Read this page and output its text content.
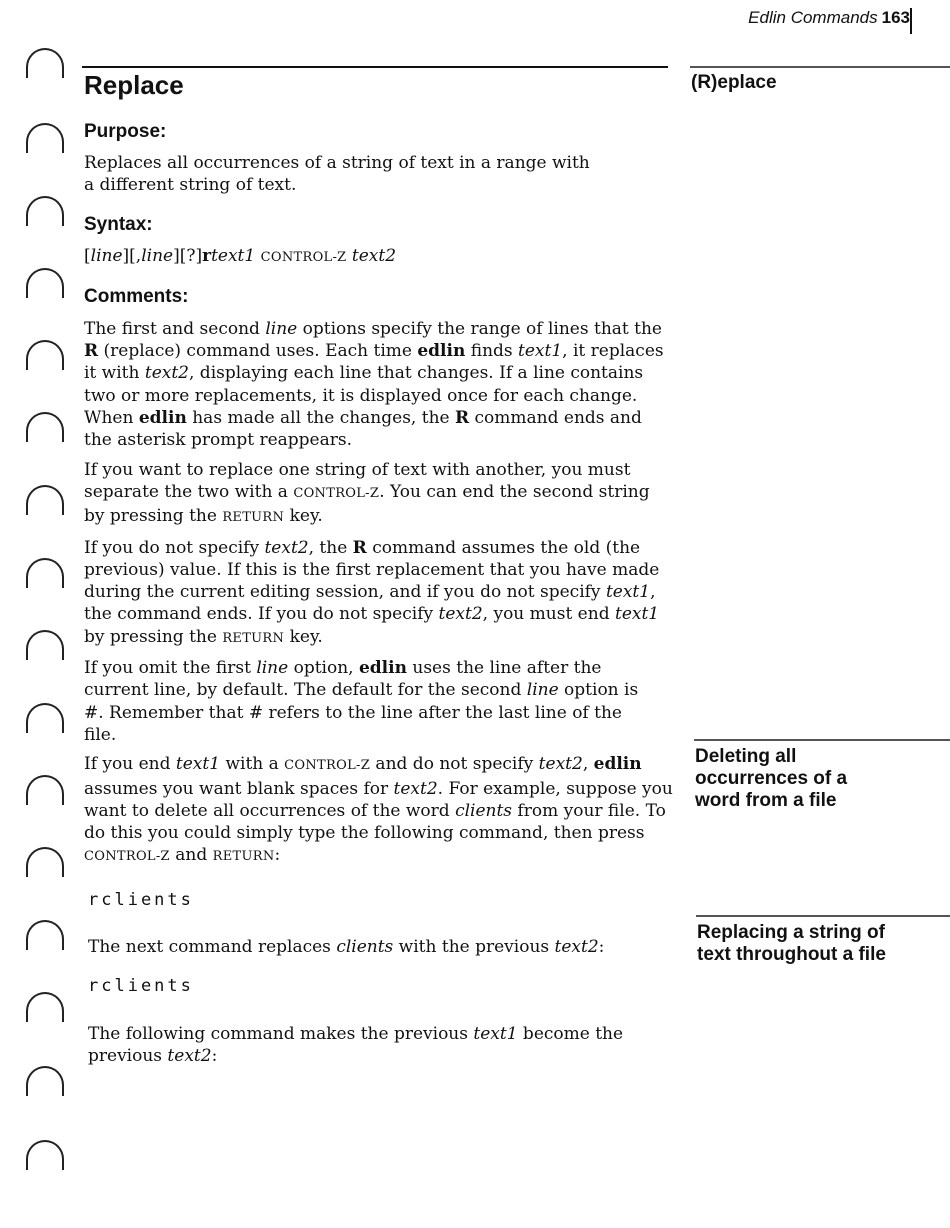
Edlin Commands 163
(R)eplace
Deleting all occurrences of a word from a file
Replacing a string of text throughout a file
Replace
Purpose:

Replaces all occurrences of a string of text in a range with a different string of text.

Syntax:

[line][,line][?]rtext1 CONTROL-Z text2

Comments:

The first and second line options specify the range of lines that the R (replace) command uses. Each time edlin finds text1, it replaces it with text2, displaying each line that changes. If a line contains two or more replacements, it is displayed once for each change. When edlin has made all the changes, the R command ends and the asterisk prompt reappears.

If you want to replace one string of text with another, you must separate the two with a CONTROL-Z. You can end the second string by pressing the RETURN key.

If you do not specify text2, the R command assumes the old (the previous) value. If this is the first replacement that you have made during the current editing session, and if you do not specify text1, the command ends. If you do not specify text2, you must end text1 by pressing the RETURN key.

If you omit the first line option, edlin uses the line after the current line, by default. The default for the second line option is #. Remember that # refers to the line after the last line of the file.

If you end text1 with a CONTROL-Z and do not specify text2, edlin assumes you want blank spaces for text2. For example, suppose you want to delete all occurrences of the word clients from your file. To do this you could simply type the following command, then press CONTROL-Z and RETURN:

rclients

The next command replaces clients with the previous text2:

rclients

The following command makes the previous text1 become the previous text2:
